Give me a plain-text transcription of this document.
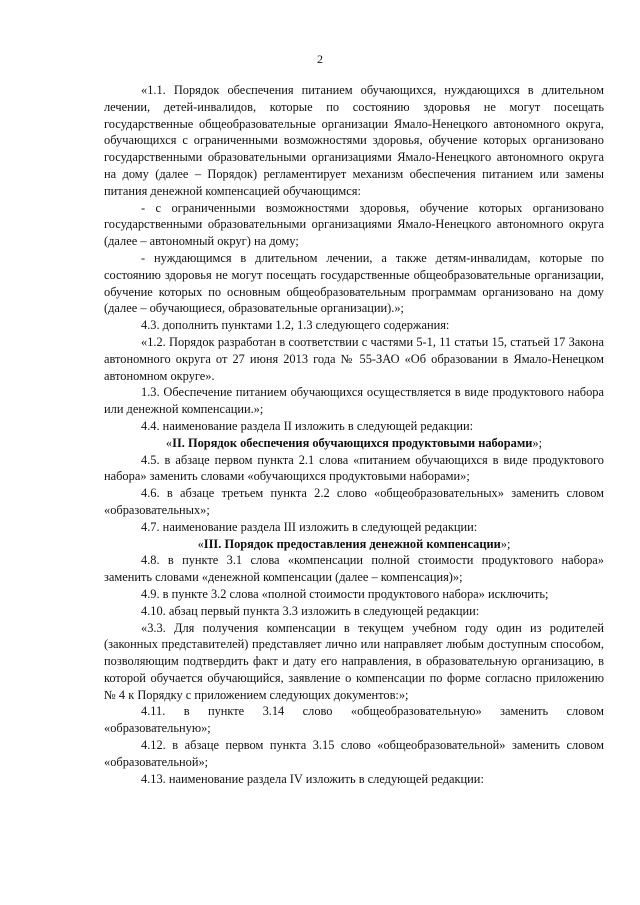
2

«1.1. Порядок обеспечения питанием обучающихся, нуждающихся в длительном лечении, детей-инвалидов, которые по состоянию здоровья не могут посещать государственные общеобразовательные организации Ямало-Ненецкого автономного округа, обучающихся с ограниченными возможностями здоровья, обучение которых организовано государственными образовательными организациями Ямало-Ненецкого автономного округа на дому (далее – Порядок) регламентирует механизм обеспечения питанием или замены питания денежной компенсацией обучающимся:

- с ограниченными возможностями здоровья, обучение которых организовано государственными образовательными организациями Ямало-Ненецкого автономного округа (далее – автономный округ) на дому;

- нуждающимся в длительном лечении, а также детям-инвалидам, которые по состоянию здоровья не могут посещать государственные общеобразовательные организации, обучение которых по основным общеобразовательным программам организовано на дому (далее – обучающиеся, образовательные организации).»;

4.3. дополнить пунктами 1.2, 1.3 следующего содержания:

«1.2. Порядок разработан в соответствии с частями 5-1, 11 статьи 15, статьей 17 Закона автономного округа от 27 июня 2013 года № 55-ЗАО «Об образовании в Ямало-Ненецком автономном округе».

1.3. Обеспечение питанием обучающихся осуществляется в виде продуктового набора или денежной компенсации.»;

4.4. наименование раздела II изложить в следующей редакции:

«II. Порядок обеспечения обучающихся продуктовыми наборами»;

4.5. в абзаце первом пункта 2.1 слова «питанием обучающихся в виде продуктового набора» заменить словами «обучающихся продуктовыми наборами»;

4.6. в абзаце третьем пункта 2.2 слово «общеобразовательных» заменить словом «образовательных»;

4.7. наименование раздела III изложить в следующей редакции:

«III. Порядок предоставления денежной компенсации»;

4.8. в пункте 3.1 слова «компенсации полной стоимости продуктового набора» заменить словами «денежной компенсации (далее – компенсация)»;

4.9. в пункте 3.2 слова «полной стоимости продуктового набора» исключить;

4.10. абзац первый пункта 3.3 изложить в следующей редакции:

«3.3. Для получения компенсации в текущем учебном году один из родителей (законных представителей) представляет лично или направляет любым доступным способом, позволяющим подтвердить факт и дату его направления, в образовательную организацию, в которой обучается обучающийся, заявление о компенсации по форме согласно приложению № 4 к Порядку с приложением следующих документов:»;

4.11. в пункте 3.14 слово «общеобразовательную» заменить словом «образовательную»;

4.12. в абзаце первом пункта 3.15 слово «общеобразовательной» заменить словом «образовательной»;

4.13. наименование раздела IV изложить в следующей редакции:
